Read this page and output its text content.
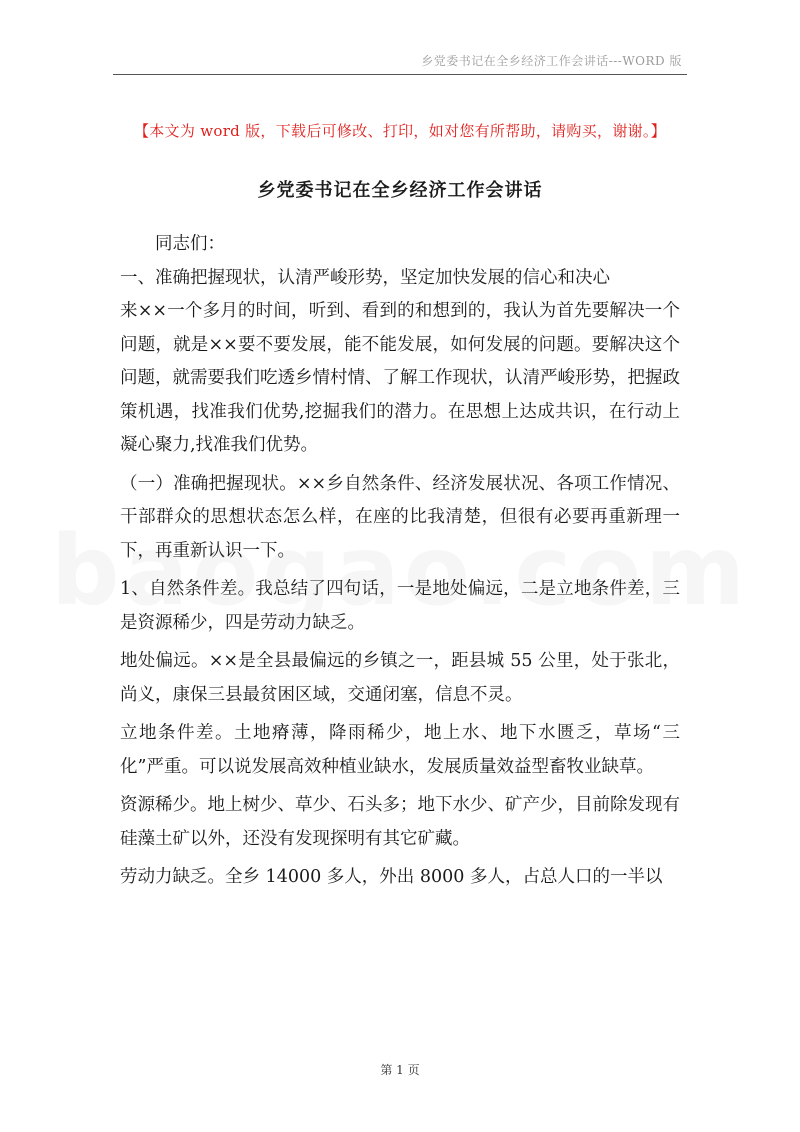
乡党委书记在全乡经济工作会讲话---WORD 版
【本文为 word 版，下载后可修改、打印，如对您有所帮助，请购买，谢谢。】
乡党委书记在全乡经济工作会讲话

同志们：

一、准确把握现状，认清严峻形势，坚定加快发展的信心和决心

来××一个多月的时间，听到、看到的和想到的，我认为首先要解决一个问题，就是××要不要发展，能不能发展，如何发展的问题。要解决这个问题，就需要我们吃透乡情村情、了解工作现状，认清严峻形势，把握政策机遇，找准我们优势,挖掘我们的潜力。在思想上达成共识，在行动上凝心聚力,找准我们优势。

（一）准确把握现状。××乡自然条件、经济发展状况、各项工作情况、干部群众的思想状态怎么样，在座的比我清楚，但很有必要再重新理一下，再重新认识一下。

1、自然条件差。我总结了四句话，一是地处偏远，二是立地条件差，三是资源稀少，四是劳动力缺乏。

地处偏远。××是全县最偏远的乡镇之一，距县城 55 公里，处于张北，尚义，康保三县最贫困区域，交通闭塞，信息不灵。

立地条件差。土地瘠薄，降雨稀少，地上水、地下水匮乏，草场“三化”严重。可以说发展高效种植业缺水，发展质量效益型畜牧业缺草。

资源稀少。地上树少、草少、石头多；地下水少、矿产少，目前除发现有硅藻土矿以外，还没有发现探明有其它矿藏。

劳动力缺乏。全乡 14000 多人，外出 8000 多人，占总人口的一半以

第 1 页
